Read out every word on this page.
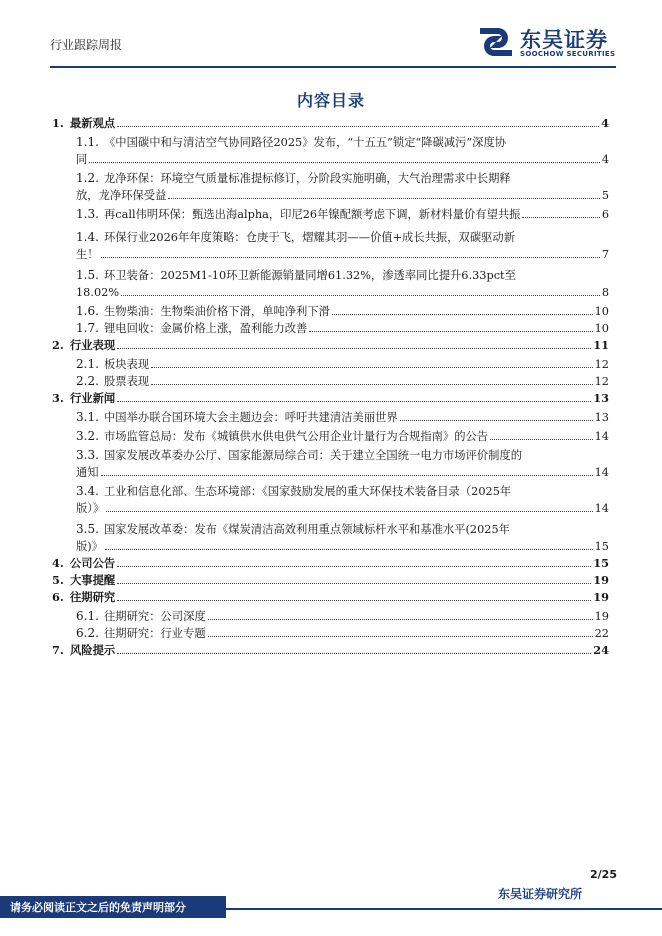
行业跟踪周报	东吴证券
SOOCHOW SECURITIES
内容目录
1. 最新观点	4
1.1. 《中国碳中和与清洁空气协同路径2025》发布，“十五五”锁定“降碳减污”深度协
同	4
1.2. 龙净环保：环境空气质量标准提标修订，分阶段实施明确，大气治理需求中长期释
放，龙净环保受益	5
1.3. 再call伟明环保：甄选出海alpha，印尼26年镍配额考虑下调，新材料量价有望共振	6
1.4. 环保行业2026年年度策略：仓庚于飞，熠耀其羽——价值+成长共振，双碳驱动新
生！	7
1.5. 环卫装备：2025M1-10环卫新能源销量同增61.32%，渗透率同比提升6.33pct至
18.02%	8
1.6. 生物柴油：生物柴油价格下滑，单吨净利下滑	10
1.7. 锂电回收：金属价格上涨，盈利能力改善	10
2. 行业表现	11
2.1. 板块表现	12
2.2. 股票表现	12
3. 行业新闻	13
3.1. 中国举办联合国环境大会主题边会：呼吁共建清洁美丽世界	13
3.2. 市场监管总局：发布《城镇供水供电供气公用企业计量行为合规指南》的公告	14
3.3. 国家发展改革委办公厅、国家能源局综合司：关于建立全国统一电力市场评价制度的
通知	14
3.4. 工业和信息化部、生态环境部：《国家鼓励发展的重大环保技术装备目录（2025年
版）》	14
3.5. 国家发展改革委：发布《煤炭清洁高效利用重点领域标杆水平和基准水平(2025年
版)》	15
4. 公司公告	15
5. 大事提醒	19
6. 往期研究	19
6.1. 往期研究：公司深度	19
6.2. 往期研究：行业专题	22
7. 风险提示	24
2/25
请务必阅读正文之后的免责声明部分
东吴证券研究所
